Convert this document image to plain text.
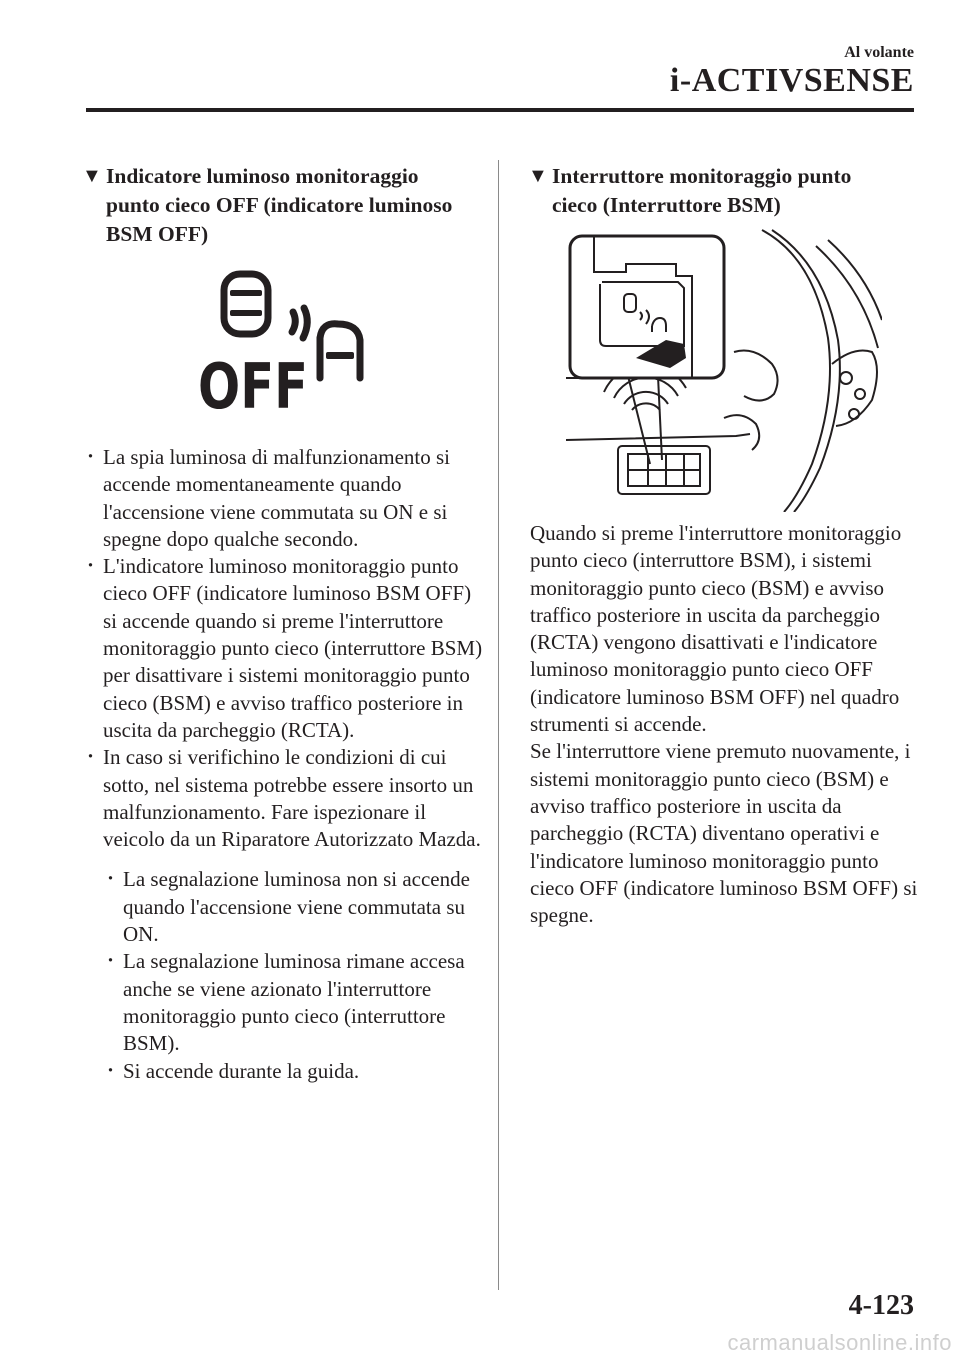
Al volante
i-ACTIVSENSE
▼ Indicatore luminoso monitoraggio punto cieco OFF (indicatore luminoso BSM OFF)
OFF
· La spia luminosa di malfunzionamento si accende momentaneamente quando l'accensione viene commutata su ON e si spegne dopo qualche secondo.
· L'indicatore luminoso monitoraggio punto cieco OFF (indicatore luminoso BSM OFF) si accende quando si preme l'interruttore monitoraggio punto cieco (interruttore BSM) per disattivare i sistemi monitoraggio punto cieco (BSM) e avviso traffico posteriore in uscita da parcheggio (RCTA).
· In caso si verifichino le condizioni di cui sotto, nel sistema potrebbe essere insorto un malfunzionamento. Fare ispezionare il veicolo da un Riparatore Autorizzato Mazda.
· La segnalazione luminosa non si accende quando l'accensione viene commutata su ON.
· La segnalazione luminosa rimane accesa anche se viene azionato l'interruttore monitoraggio punto cieco (interruttore BSM).
· Si accende durante la guida.
▼ Interruttore monitoraggio punto cieco (Interruttore BSM)
Quando si preme l'interruttore monitoraggio punto cieco (interruttore BSM), i sistemi monitoraggio punto cieco (BSM) e avviso traffico posteriore in uscita da parcheggio (RCTA) vengono disattivati e l'indicatore luminoso monitoraggio punto cieco OFF (indicatore luminoso BSM OFF) nel quadro strumenti si accende.
Se l'interruttore viene premuto nuovamente, i sistemi monitoraggio punto cieco (BSM) e avviso traffico posteriore in uscita da parcheggio (RCTA) diventano operativi e l'indicatore luminoso monitoraggio punto cieco OFF (indicatore luminoso BSM OFF) si spegne.
4-123
carmanualsonline.info
